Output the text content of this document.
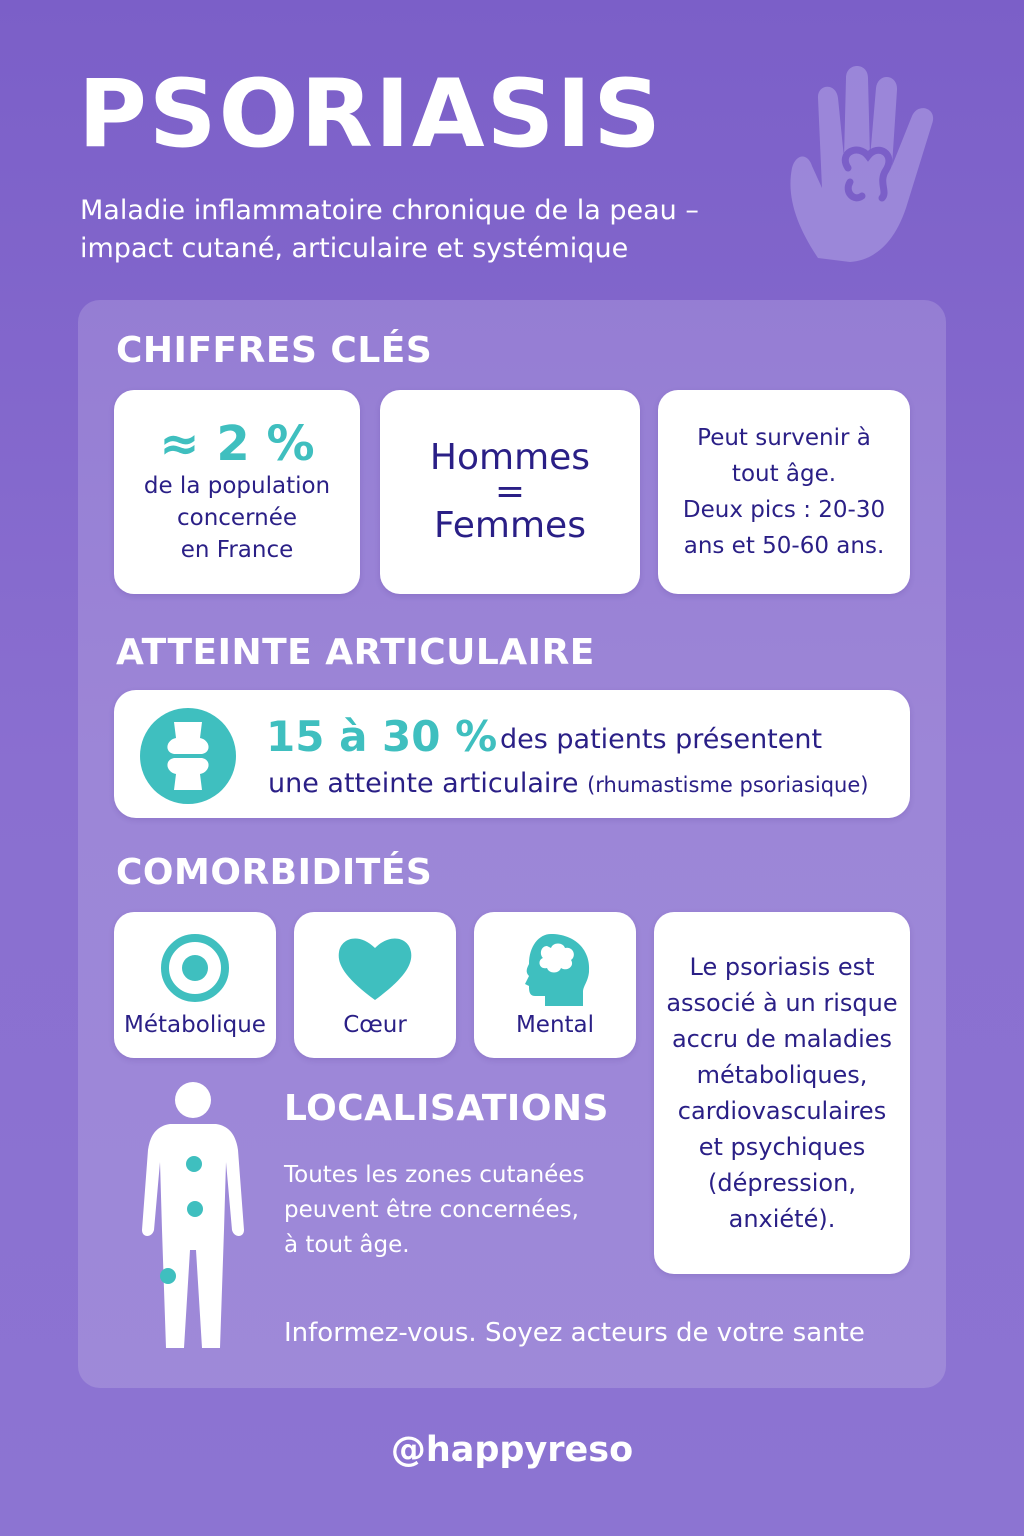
PSORIASIS
Maladie inflammatoire chronique de la peau –
impact cutané, articulaire et systémique
CHIFFRES CLÉS
≈ 2 %
de la population
concernée
en France
Hommes
=
Femmes
Peut survenir à
tout âge.
Deux pics : 20-30
ans et 50-60 ans.
ATTEINTE ARTICULAIRE
15 à 30 % des patients présentent
une atteinte articulaire (rhumastisme psoriasique)
COMORBIDITÉS
Métabolique	Cœur	Mental
Le psoriasis est
associé à un risque
accru de maladies
métaboliques,
cardiovasculaires
et psychiques
(dépression,
anxiété).
LOCALISATIONS
Toutes les zones cutanées
peuvent être concernées,
à tout âge.
Informez-vous. Soyez acteurs de votre sante
@happyreso
